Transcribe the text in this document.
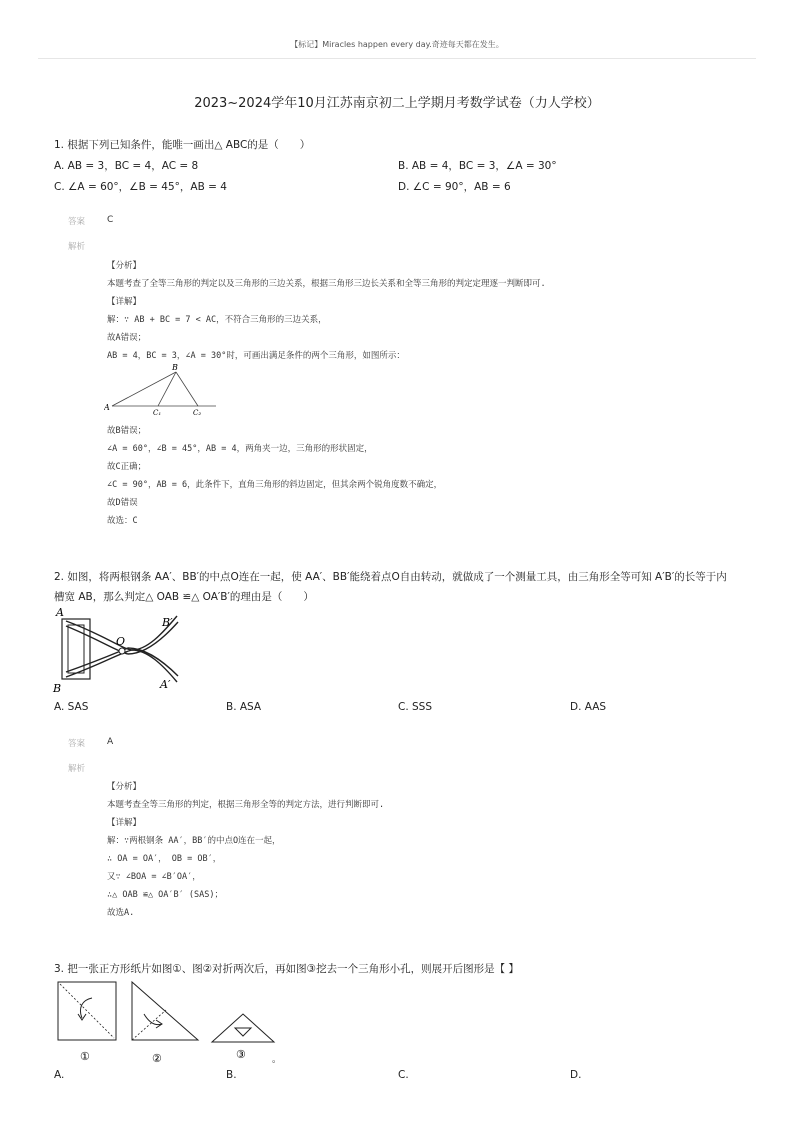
【标记】Miracles happen every day.奇迹每天都在发生。
2023~2024学年10月江苏南京初二上学期月考数学试卷（力人学校）
1. 根据下列已知条件，能唯一画出△ ABC的是（　　）
A. AB = 3，BC = 4，AC = 8	B. AB = 4，BC = 3，∠A = 30°
C. ∠A = 60°，∠B = 45°，AB = 4	D. ∠C = 90°，AB = 6
答案 C
解析
【分析】
本题考查了全等三角形的判定以及三角形的三边关系，根据三角形三边长关系和全等三角形的判定定理逐一判断即可.
【详解】
解：∵ AB + BC = 7 < AC，不符合三角形的三边关系，
故A错误；
AB = 4，BC = 3，∠A = 30°时，可画出满足条件的两个三角形，如图所示：
A
B
C₁	C₂
故B错误；
∠A = 60°，∠B = 45°，AB = 4，两角夹一边，三角形的形状固定，
故C正确；
∠C = 90°，AB = 6，此条件下，直角三角形的斜边固定，但其余两个锐角度数不确定，
故D错误
故选：C
2. 如图，将两根钢条 AA′、BB′的中点O连在一起，使 AA′、BB′能绕着点O自由转动，就做成了一个测量工具，由三角形全等可知 A′B′的长等于内
槽宽 AB，那么判定△ OAB ≌△ OA′B′的理由是（　　）
A
B
O
B′
A′
A. SAS	B. ASA	C. SSS	D. AAS
答案 A
解析
【分析】
本题考查全等三角形的判定，根据三角形全等的判定方法，进行判断即可.
【详解】
解：∵两根钢条 AA′，BB′的中点O连在一起，
∴ OA = OA′， OB = OB′，
又∵ ∠BOA = ∠B′OA′，
∴△ OAB ≌△ OA′B′ (SAS)；
故选A.
3. 把一张正方形纸片如图①、图②对折两次后，再如图③挖去一个三角形小孔，则展开后图形是【 】
①	②	③	。
A.	B.	C.	D.
